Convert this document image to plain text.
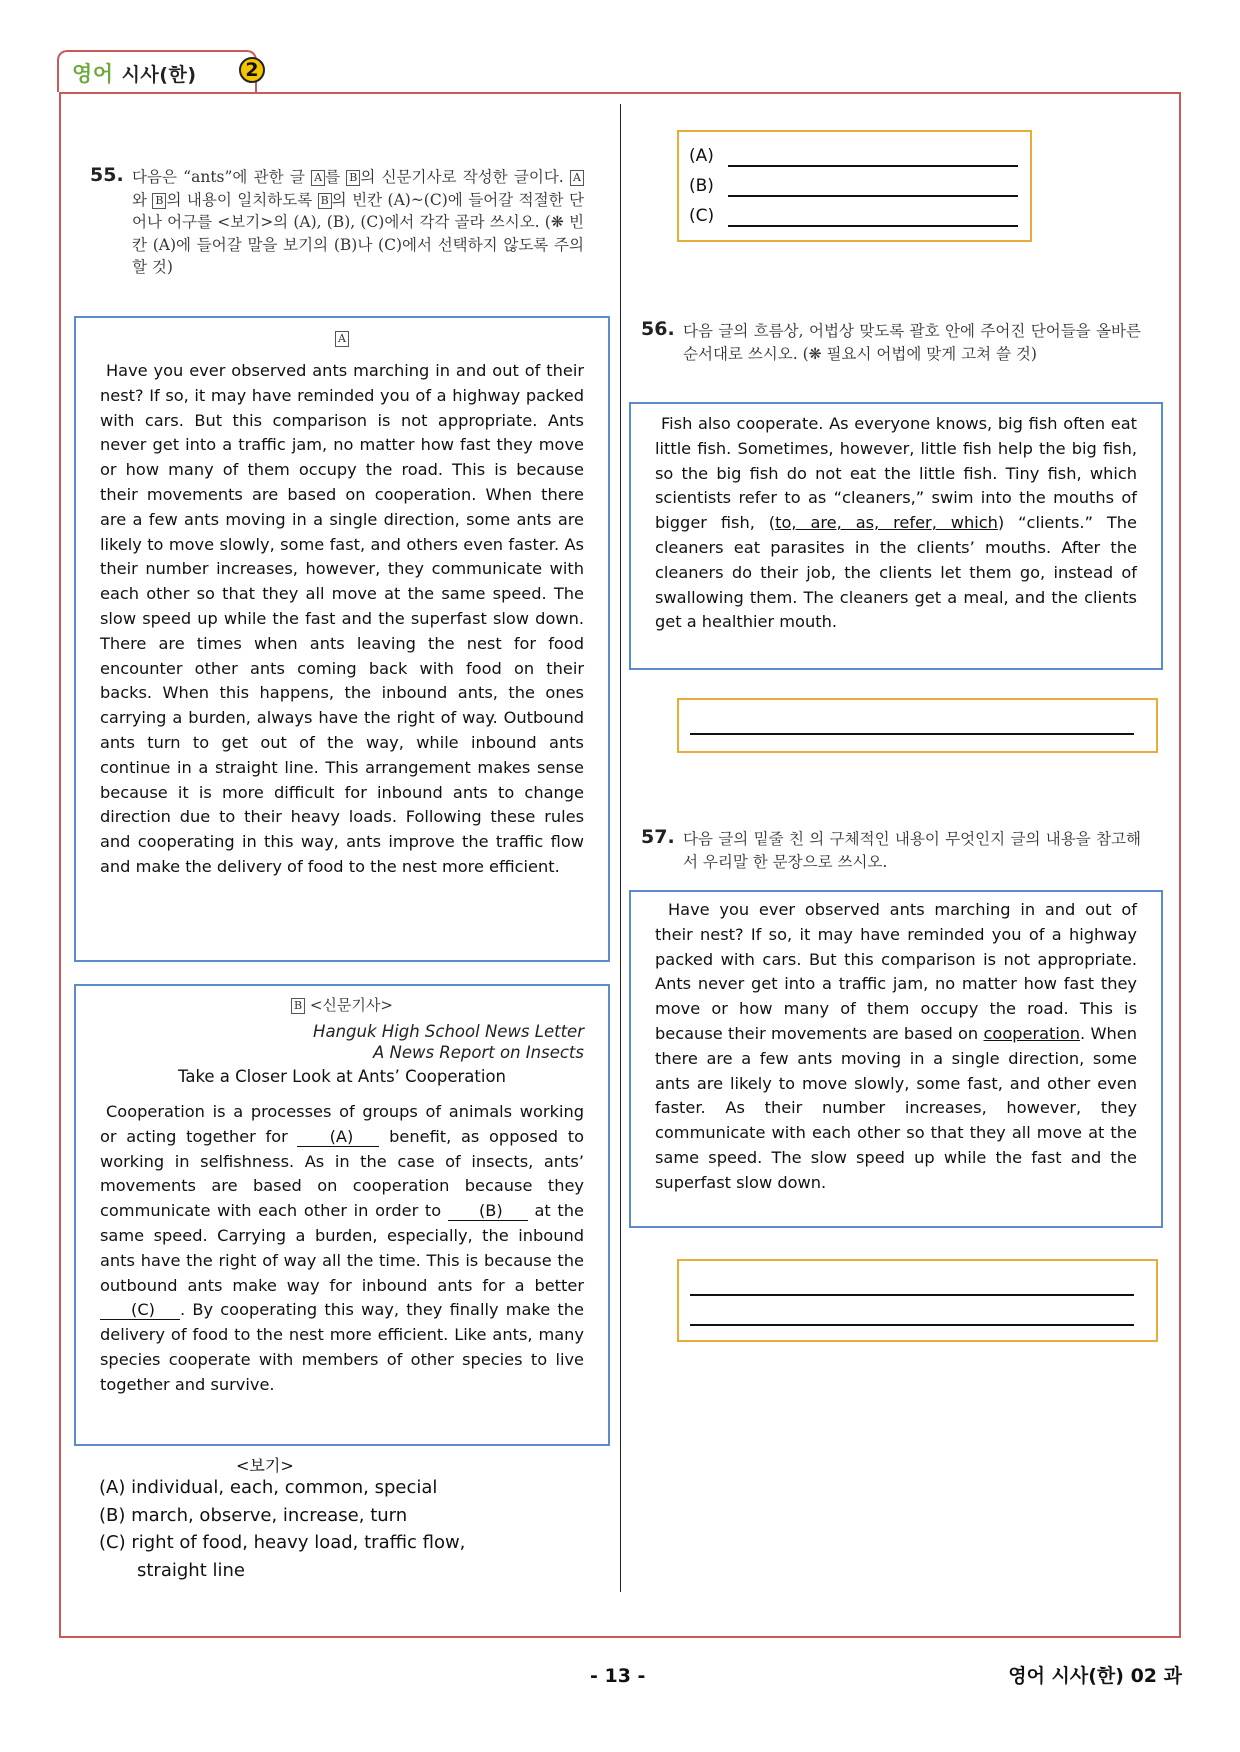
영어 시사(한)	2
55. 다음은 “ants”에 관한 글 A 를 B 의 신문기사로 작성한 글이다. A와 B 의 내용이 일치하도록 B 의 빈칸 (A)~(C)에 들어갈 적절한 단어나 어구를 <보기>의 (A), (B), (C)에서 각각 골라 쓰시오. (❋ 빈칸 (A)에 들어갈 말을 보기의 (B)나 (C)에서 선택하지 않도록 주의 할 것)
A
Have you ever observed ants marching in and out of their nest? If so, it may have reminded you of a highway packed with cars. But this comparison is not appropriate. Ants never get into a traffic jam, no matter how fast they move or how many of them occupy the road. This is because their movements are based on cooperation. When there are a few ants moving in a single direction, some ants are likely to move slowly, some fast, and others even faster. As their number increases, however, they communicate with each other so that they all move at the same speed. The slow speed up while the fast and the superfast slow down. There are times when ants leaving the nest for food encounter other ants coming back with food on their backs. When this happens, the inbound ants, the ones carrying a burden, always have the right of way. Outbound ants turn to get out of the way, while inbound ants continue in a straight line. This arrangement makes sense because it is more difficult for inbound ants to change direction due to their heavy loads. Following these rules and cooperating in this way, ants improve the traffic flow and make the delivery of food to the nest more efficient.
B <신문기사>
Hanguk High School News Letter
A News Report on Insects
Take a Closer Look at Ants’ Cooperation
Cooperation is a processes of groups of animals working or acting together for (A) benefit, as opposed to working in selfishness. As in the case of insects, ants’ movements are based on cooperation because they communicate with each other in order to (B) at the same speed. Carrying a burden, especially, the inbound ants have the right of way all the time. This is because the outbound ants make way for inbound ants for a better (C) . By cooperating this way, they finally make the delivery of food to the nest more efficient. Like ants, many species cooperate with members of other species to live together and survive.
<보기>
(A) individual, each, common, special
(B) march, observe, increase, turn
(C) right of food, heavy load, traffic flow,
straight line
(A)
(B)
(C)
56. 다음 글의 흐름상, 어법상 맞도록 괄호 안에 주어진 단어들을 올바른 순서대로 쓰시오. (❋ 필요시 어법에 맞게 고쳐 쓸 것)
Fish also cooperate. As everyone knows, big fish often eat little fish. Sometimes, however, little fish help the big fish, so the big fish do not eat the little fish. Tiny fish, which scientists refer to as “cleaners,” swim into the mouths of bigger fish, (to, are, as, refer, which) “clients.” The cleaners eat parasites in the clients’ mouths. After the cleaners do their job, the clients let them go, instead of swallowing them. The cleaners get a meal, and the clients get a healthier mouth.
57. 다음 글의 밑줄 친 의 구체적인 내용이 무엇인지 글의 내용을 참고해서 우리말 한 문장으로 쓰시오.
Have you ever observed ants marching in and out of their nest? If so, it may have reminded you of a highway packed with cars. But this comparison is not appropriate. Ants never get into a traffic jam, no matter how fast they move or how many of them occupy the road. This is because their movements are based on cooperation. When there are a few ants moving in a single direction, some ants are likely to move slowly, some fast, and other even faster. As their number increases, however, they communicate with each other so that they all move at the same speed. The slow speed up while the fast and the superfast slow down.
- 13 -	영어 시사(한) 02 과
